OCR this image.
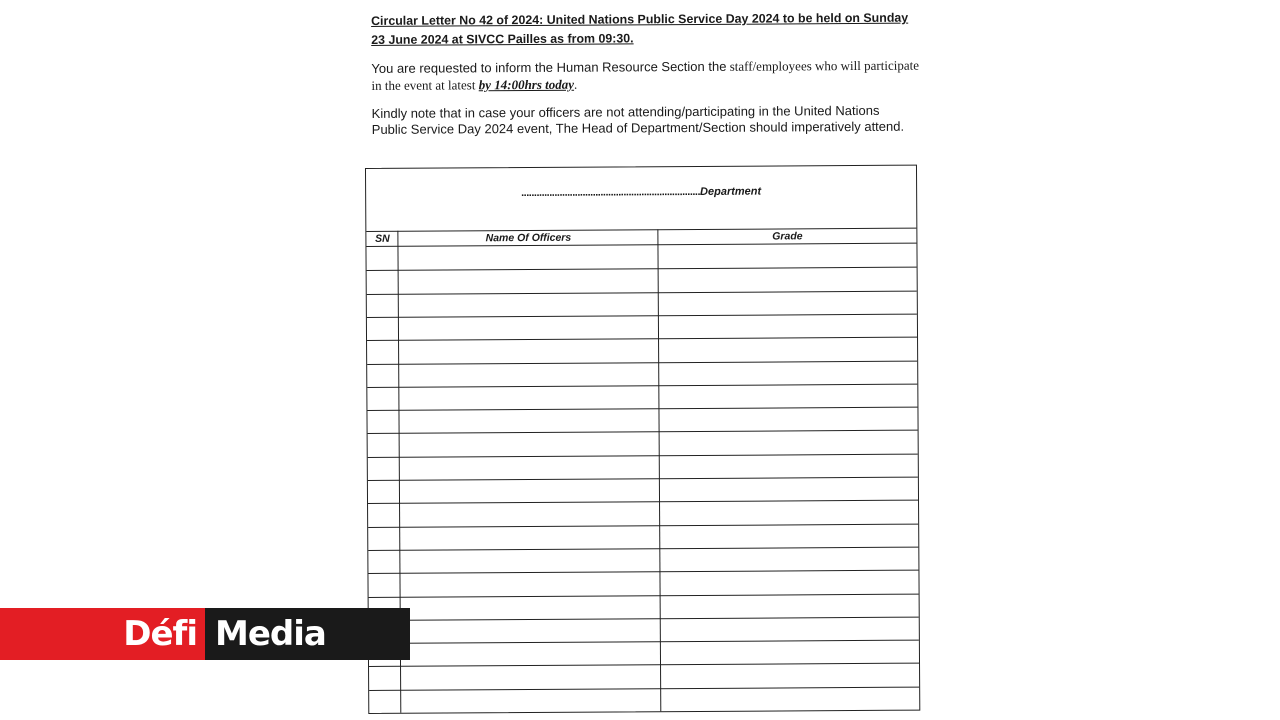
Circular Letter No 42 of 2024: United Nations Public Service Day 2024 to be held on Sunday 23 June 2024 at SIVCC Pailles as from 09:30.

You are requested to inform the Human Resource Section the staff/employees who will participate in the event at latest by 14:00hrs today.

Kindly note that in case your officers are not attending/participating in the United Nations Public Service Day 2024 event, The Head of Department/Section should imperatively attend.

......................................................................Department
SN	Name Of Officers	Grade
Défi Media
